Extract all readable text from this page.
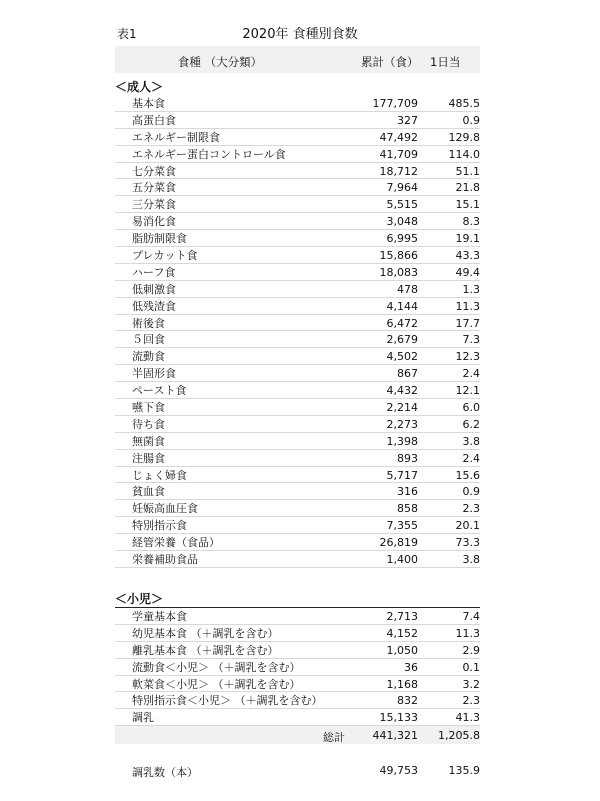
表1	2020年 食種別食数
食種 （大分類）	累計（食） 1日当
＜成人＞
基本食	177,709	485.5
高蛋白食	327	0.9
エネルギー制限食	47,492	129.8
エネルギー蛋白コントロール食	41,709	114.0
七分菜食	18,712	51.1
五分菜食	7,964	21.8
三分菜食	5,515	15.1
易消化食	3,048	8.3
脂肪制限食	6,995	19.1
プレカット食	15,866	43.3
ハーフ食	18,083	49.4
低刺激食	478	1.3
低残渣食	4,144	11.3
術後食	6,472	17.7
５回食	2,679	7.3
流動食	4,502	12.3
半固形食	867	2.4
ペースト食	4,432	12.1
嚥下食	2,214	6.0
待ち食	2,273	6.2
無菌食	1,398	3.8
注腸食	893	2.4
じょく婦食	5,717	15.6
貧血食	316	0.9
妊娠高血圧食	858	2.3
特別指示食	7,355	20.1
経管栄養（食品）	26,819	73.3
栄養補助食品	1,400	3.8
＜小児＞
学童基本食	2,713	7.4
幼児基本食 （＋調乳を含む）	4,152	11.3
離乳基本食 （＋調乳を含む）	1,050	2.9
流動食＜小児＞ （＋調乳を含む）	36	0.1
軟菜食＜小児＞ （＋調乳を含む）	1,168	3.2
特別指示食＜小児＞ （＋調乳を含む）	832	2.3
調乳	15,133	41.3
総計	441,321 1,205.8
調乳数（本）	49,753	135.9
